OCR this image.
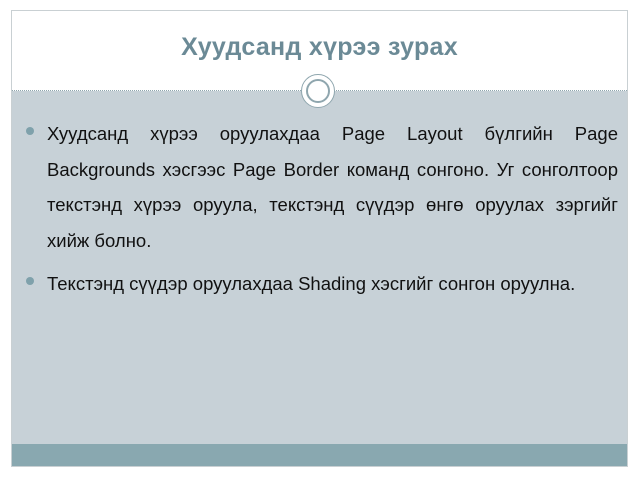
Хуудсанд хүрээ зурах
Хуудсанд хүрээ оруулахдаа Page Layout бүлгийн Page Backgrounds хэсгээс Page Border команд сонгоно. Уг сонголтоор текстэнд хүрээ оруула, текстэнд сүүдэр өнгө оруулах зэргийг хийж болно.
Текстэнд сүүдэр оруулахдаа Shading хэсгийг сонгон оруулна.
